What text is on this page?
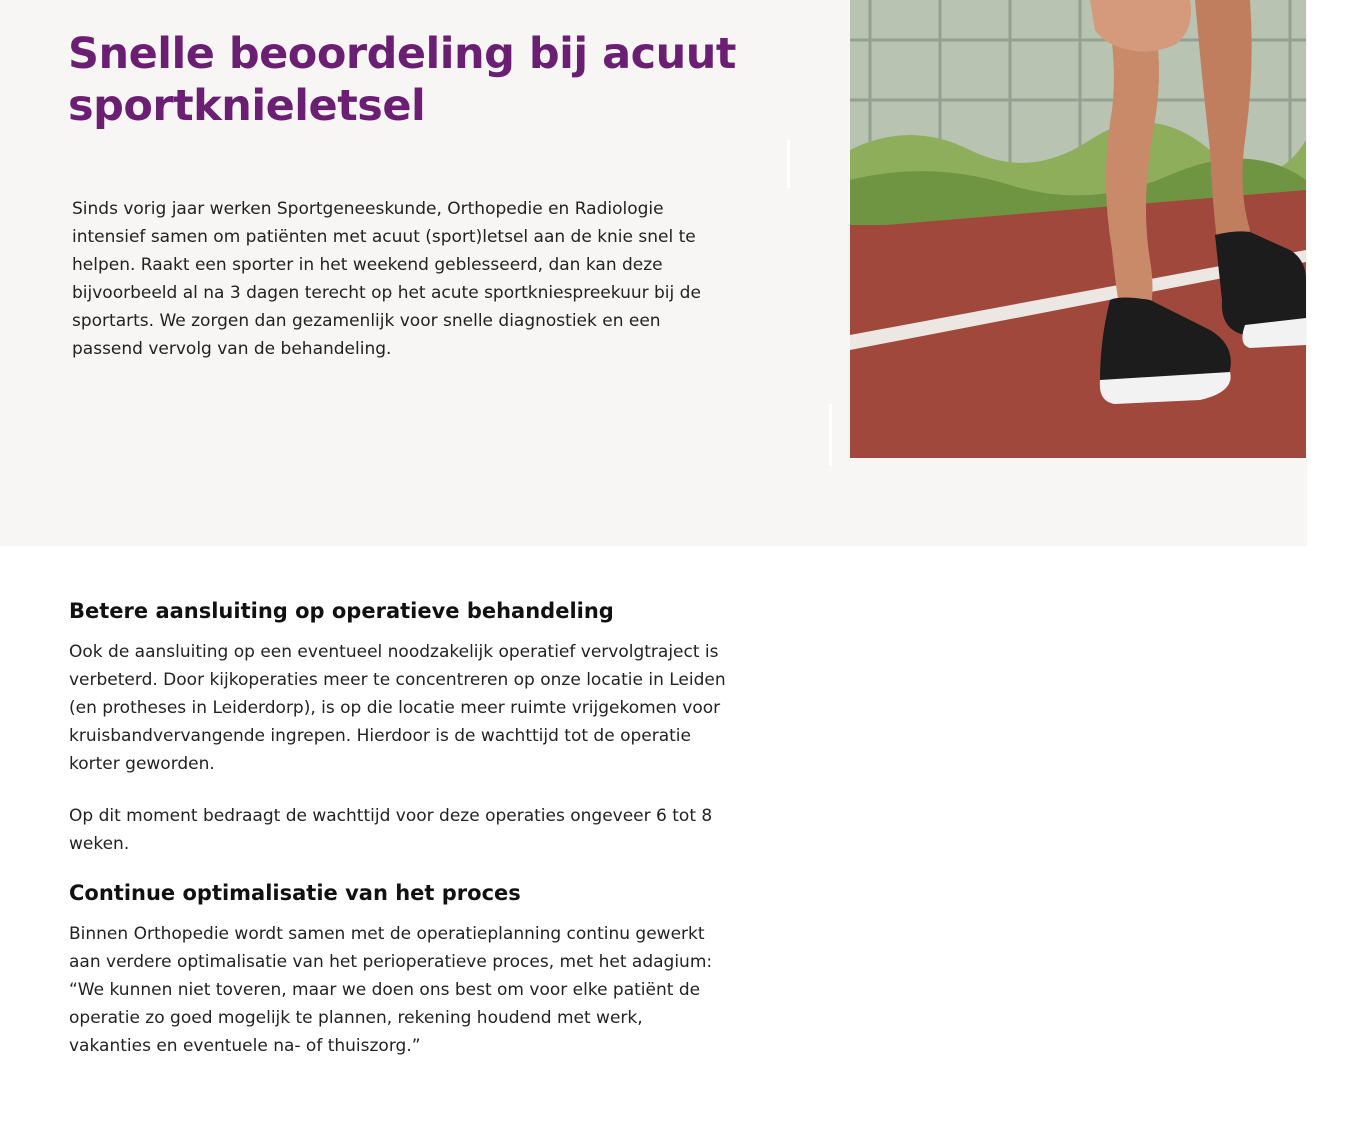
Snelle beoordeling bij acuut sportknieletsel

Sinds vorig jaar werken Sportgeneeskunde, Orthopedie en Radiologie intensief samen om patiënten met acuut (sport)letsel aan de knie snel te helpen. Raakt een sporter in het weekend geblesseerd, dan kan deze bijvoorbeeld al na 3 dagen terecht op het acute sportkniespreekuur bij de sportarts. We zorgen dan gezamenlijk voor snelle diagnostiek en een passend vervolg van de behandeling.

Betere aansluiting op operatieve behandeling

Ook de aansluiting op een eventueel noodzakelijk operatief vervolgtraject is verbeterd. Door kijkoperaties meer te concentreren op onze locatie in Leiden (en protheses in Leiderdorp), is op die locatie meer ruimte vrijgekomen voor kruisbandvervangende ingrepen. Hierdoor is de wachttijd tot de operatie korter geworden.

Op dit moment bedraagt de wachttijd voor deze operaties ongeveer 6 tot 8 weken.

Continue optimalisatie van het proces

Binnen Orthopedie wordt samen met de operatieplanning continu gewerkt aan verdere optimalisatie van het perioperatieve proces, met het adagium: “We kunnen niet toveren, maar we doen ons best om voor elke patiënt de operatie zo goed mogelijk te plannen, rekening houdend met werk, vakanties en eventuele na- of thuiszorg.”
